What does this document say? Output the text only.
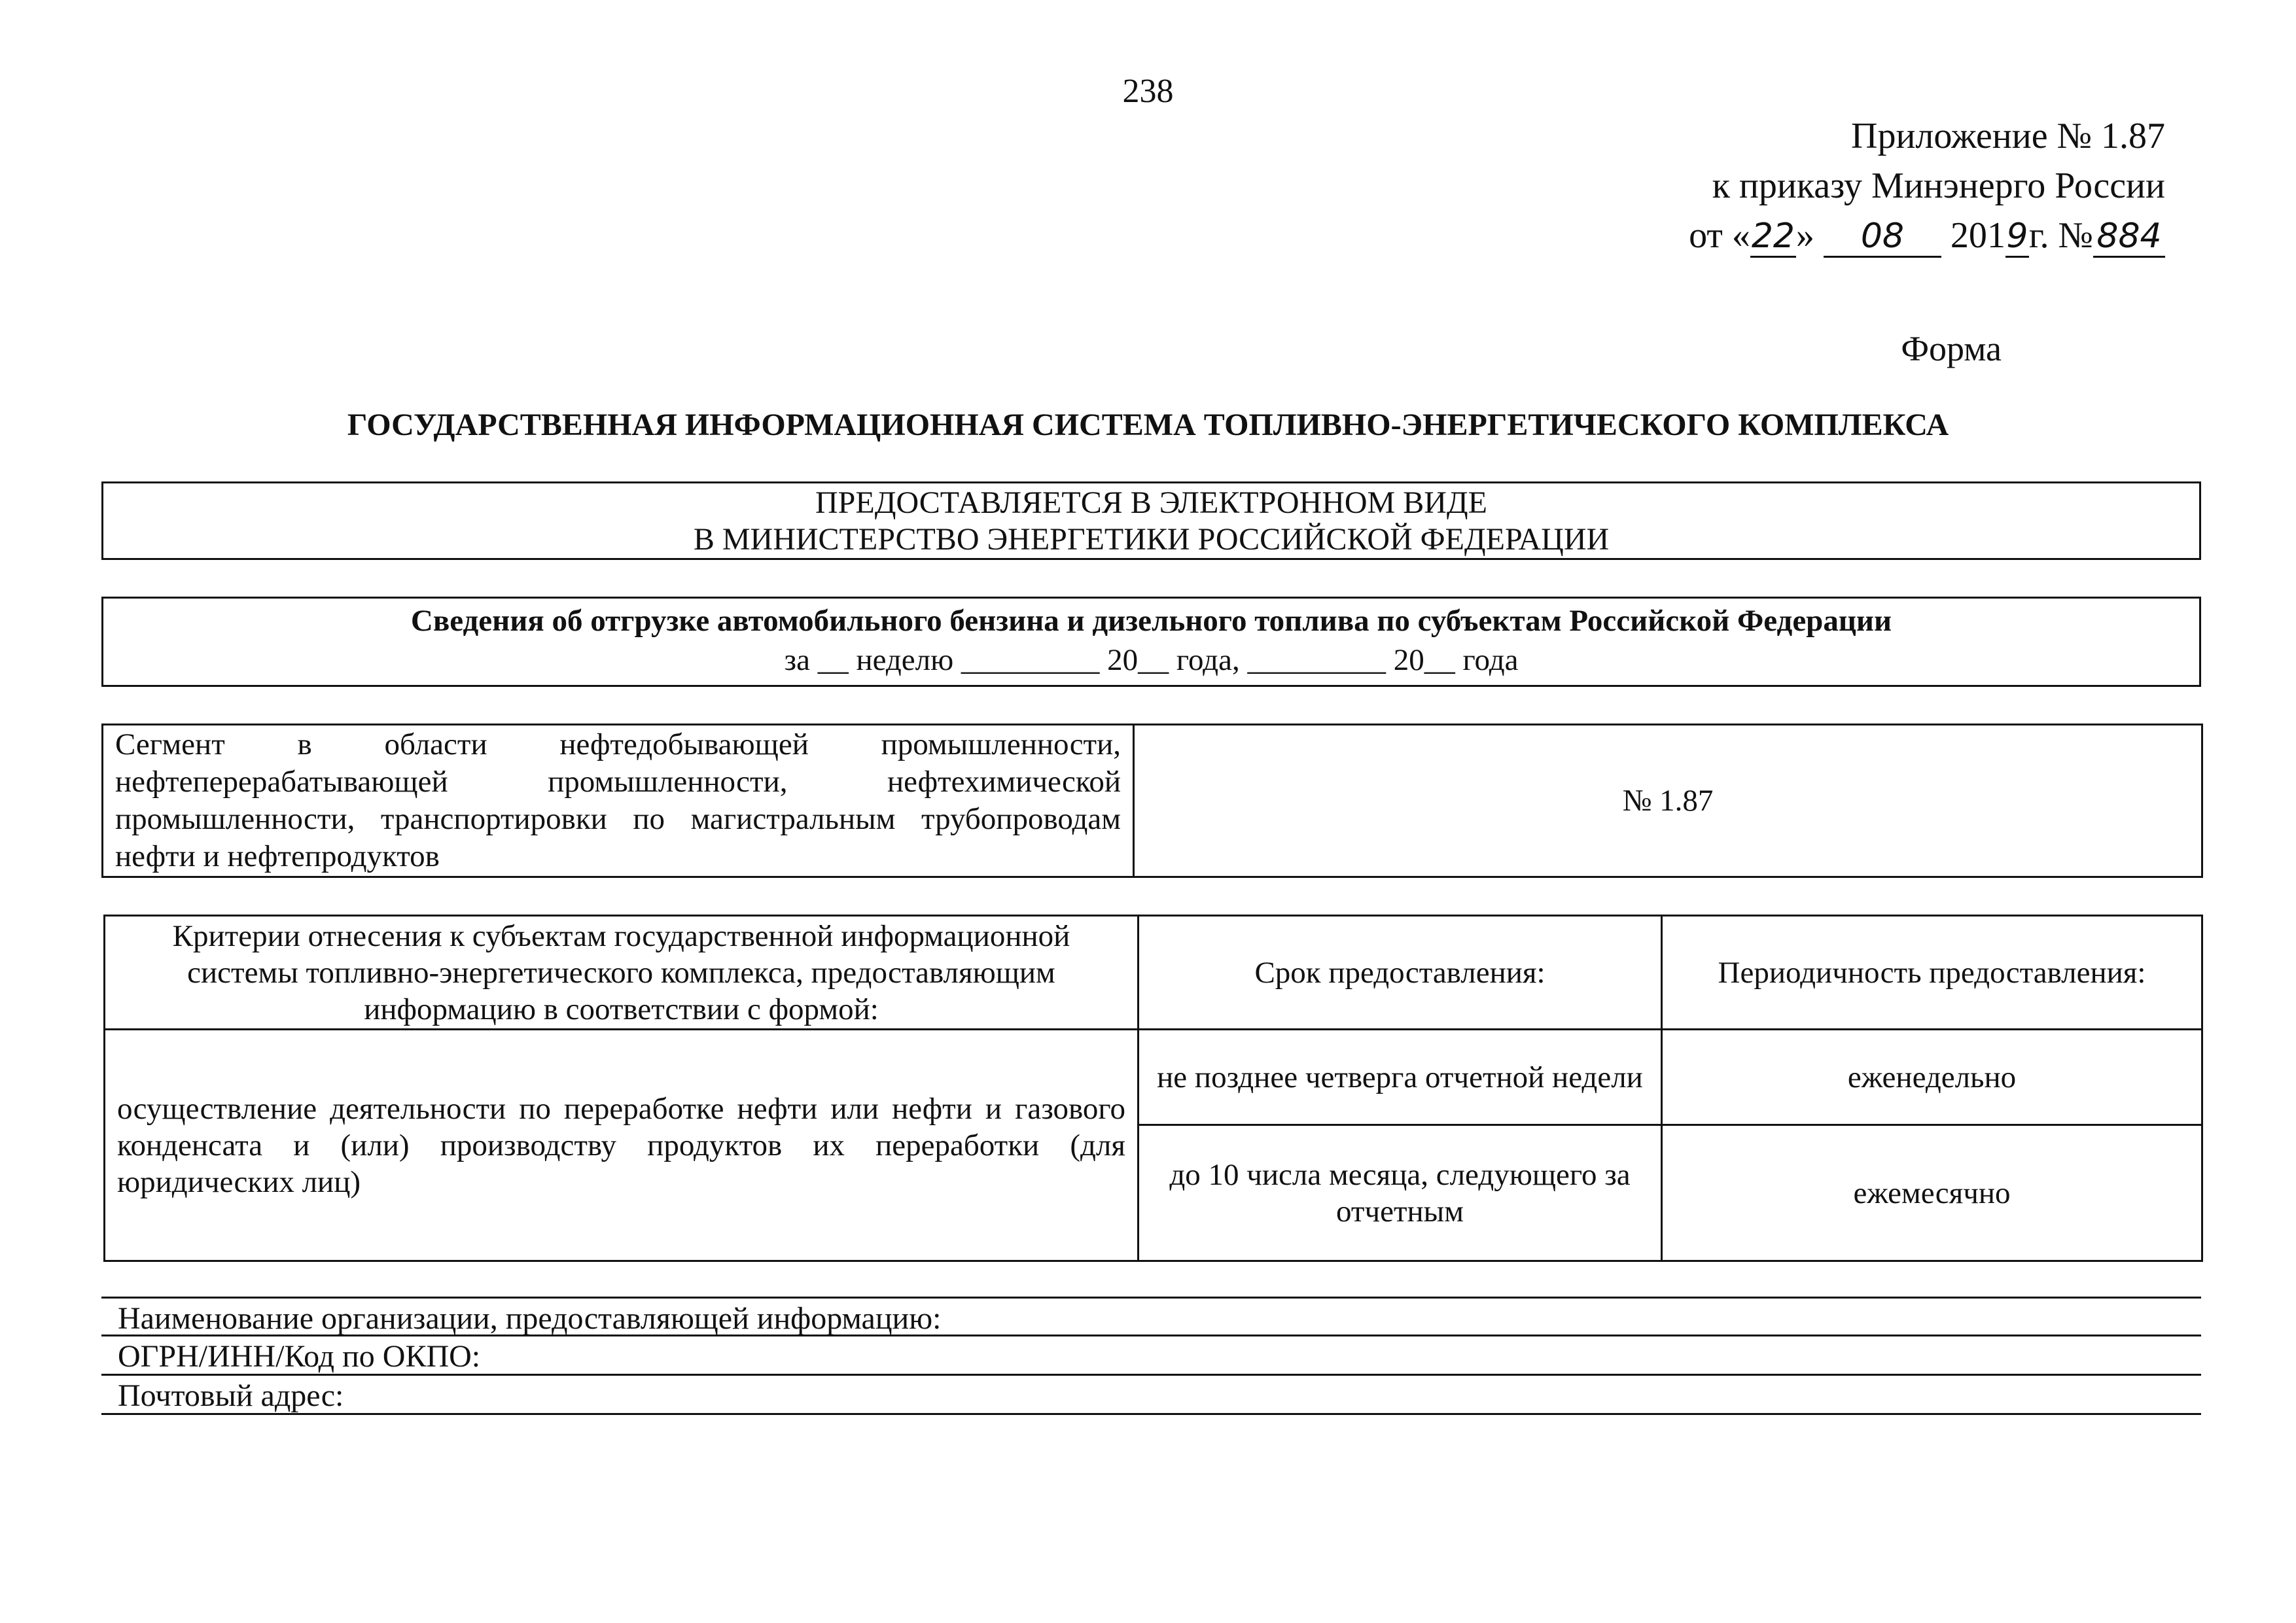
238
Приложение № 1.87
к приказу Минэнерго России
от «22» 08 2019г. № 884
Форма
ГОСУДАРСТВЕННАЯ ИНФОРМАЦИОННАЯ СИСТЕМА ТОПЛИВНО-ЭНЕРГЕТИЧЕСКОГО КОМПЛЕКСА
ПРЕДОСТАВЛЯЕТСЯ В ЭЛЕКТРОННОМ ВИДЕ
В МИНИСТЕРСТВО ЭНЕРГЕТИКИ РОССИЙСКОЙ ФЕДЕРАЦИИ
Сведения об отгрузке автомобильного бензина и дизельного топлива по субъектам Российской Федерации
за __ неделю _________ 20__ года, _________ 20__ года
Сегмент в области нефтедобывающей промышленности, нефтеперерабатывающей промышленности, нефтехимической промышленности, транспортировки по магистральным трубопроводам нефти и нефтепродуктов	№ 1.87
Критерии отнесения к субъектам государственной информационной системы топливно-энергетического комплекса, предоставляющим информацию в соответствии с формой:	Срок предоставления:	Периодичность предоставления:
осуществление деятельности по переработке нефти или нефти и газового конденсата и (или) производству продуктов их переработки (для юридических лиц)	не позднее четверга отчетной недели	еженедельно
	до 10 числа месяца, следующего за отчетным	ежемесячно
Наименование организации, предоставляющей информацию:
ОГРН/ИНН/Код по ОКПО:
Почтовый адрес:
